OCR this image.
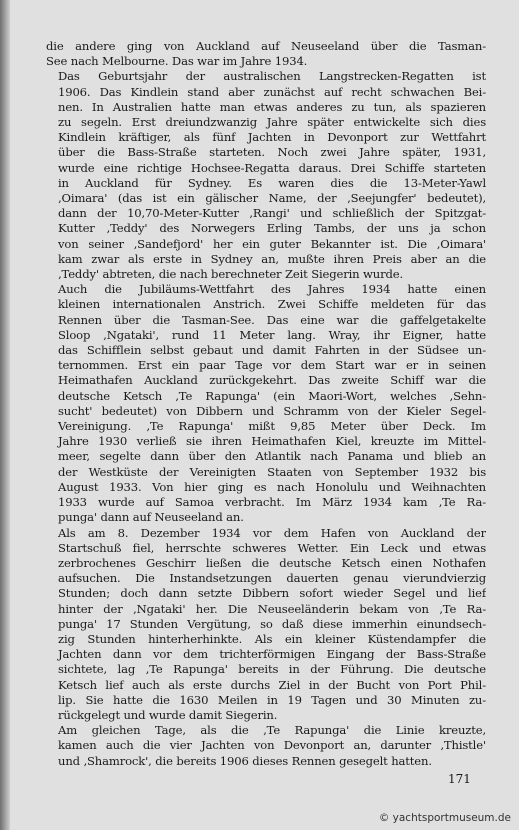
die andere ging von Auckland auf Neuseeland über die Tasman-
See nach Melbourne. Das war im Jahre 1934.

Das Geburtsjahr der australischen Langstrecken-Regatten ist
1906. Das Kindlein stand aber zunächst auf recht schwachen Bei-
nen. In Australien hatte man etwas anderes zu tun, als spazieren
zu segeln. Erst dreiundzwanzig Jahre später entwickelte sich dies
Kindlein kräftiger, als fünf Jachten in Devonport zur Wettfahrt
über die Bass-Straße starteten. Noch zwei Jahre später, 1931,
wurde eine richtige Hochsee-Regatta daraus. Drei Schiffe starteten
in Auckland für Sydney. Es waren dies die 13-Meter-Yawl
‚Oimara' (das ist ein gälischer Name, der ‚Seejungfer' bedeutet),
dann der 10,70-Meter-Kutter ‚Rangi' und schließlich der Spitzgat-
Kutter ‚Teddy' des Norwegers Erling Tambs, der uns ja schon
von seiner ‚Sandefjord' her ein guter Bekannter ist. Die ‚Oimara'
kam zwar als erste in Sydney an, mußte ihren Preis aber an die
‚Teddy' abtreten, die nach berechneter Zeit Siegerin wurde.

Auch die Jubiläums-Wettfahrt des Jahres 1934 hatte einen
kleinen internationalen Anstrich. Zwei Schiffe meldeten für das
Rennen über die Tasman-See. Das eine war die gaffelgetakelte
Sloop ‚Ngataki', rund 11 Meter lang. Wray, ihr Eigner, hatte
das Schifflein selbst gebaut und damit Fahrten in der Südsee un-
ternommen. Erst ein paar Tage vor dem Start war er in seinen
Heimathafen Auckland zurückgekehrt. Das zweite Schiff war die
deutsche Ketsch ‚Te Rapunga' (ein Maori-Wort, welches ‚Sehn-
sucht' bedeutet) von Dibbern und Schramm von der Kieler Segel-
Vereinigung. ‚Te Rapunga' mißt 9,85 Meter über Deck. Im
Jahre 1930 verließ sie ihren Heimathafen Kiel, kreuzte im Mittel-
meer, segelte dann über den Atlantik nach Panama und blieb an
der Westküste der Vereinigten Staaten von September 1932 bis
August 1933. Von hier ging es nach Honolulu und Weihnachten
1933 wurde auf Samoa verbracht. Im März 1934 kam ‚Te Ra-
punga' dann auf Neuseeland an.

Als am 8. Dezember 1934 vor dem Hafen von Auckland der
Startschuß fiel, herrschte schweres Wetter. Ein Leck und etwas
zerbrochenes Geschirr ließen die deutsche Ketsch einen Nothafen
aufsuchen. Die Instandsetzungen dauerten genau vierundvierzig
Stunden; doch dann setzte Dibbern sofort wieder Segel und lief
hinter der ‚Ngataki' her. Die Neuseeländerin bekam von ‚Te Ra-
punga' 17 Stunden Vergütung, so daß diese immerhin einundsech-
zig Stunden hinterherhinkte. Als ein kleiner Küstendampfer die
Jachten dann vor dem trichterförmigen Eingang der Bass-Straße
sichtete, lag ‚Te Rapunga' bereits in der Führung. Die deutsche
Ketsch lief auch als erste durchs Ziel in der Bucht von Port Phil-
lip. Sie hatte die 1630 Meilen in 19 Tagen und 30 Minuten zu-
rückgelegt und wurde damit Siegerin.

Am gleichen Tage, als die ‚Te Rapunga' die Linie kreuzte,
kamen auch die vier Jachten von Devonport an, darunter ‚Thistle'
und ‚Shamrock', die bereits 1906 dieses Rennen gesegelt hatten.

171
© yachtsportmuseum.de
